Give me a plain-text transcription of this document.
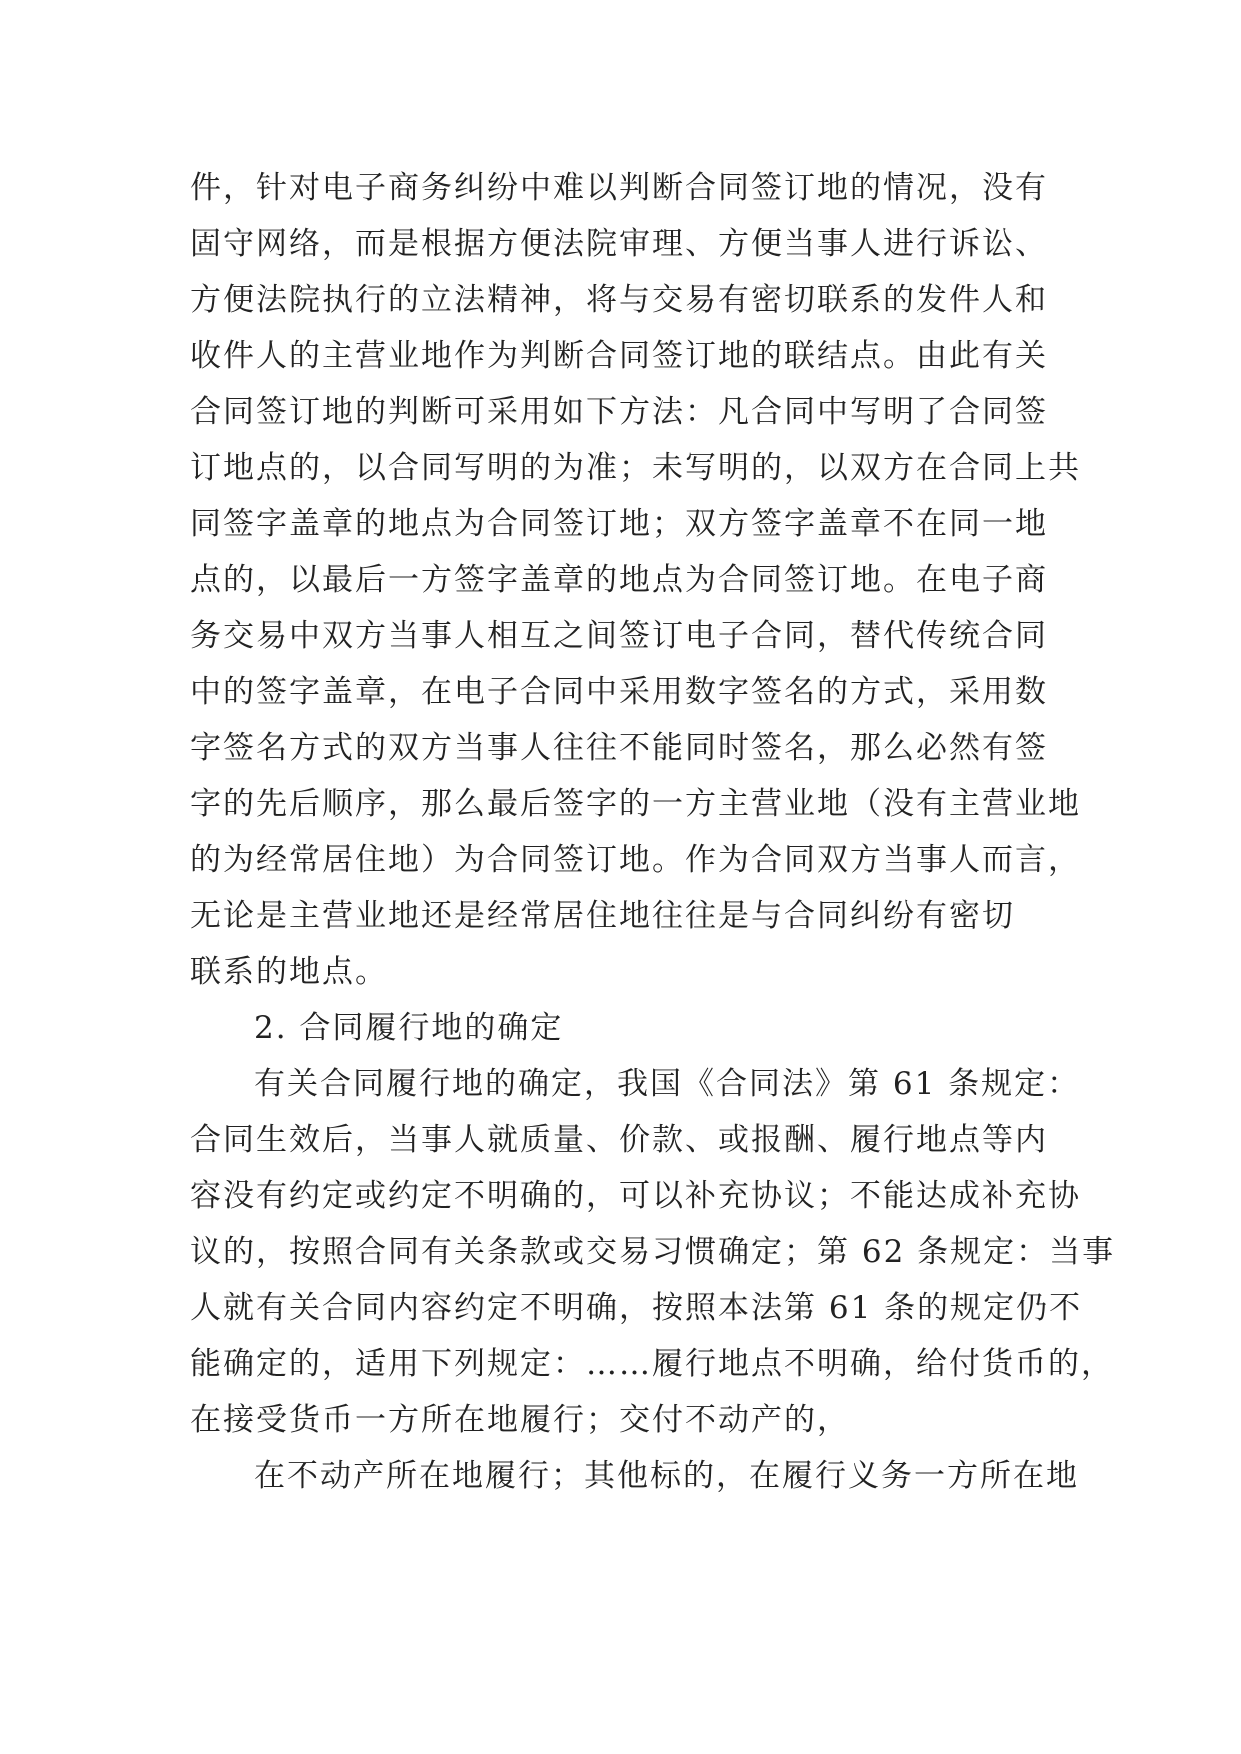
件，针对电子商务纠纷中难以判断合同签订地的情况，没有
固守网络，而是根据方便法院审理、方便当事人进行诉讼、
方便法院执行的立法精神，将与交易有密切联系的发件人和
收件人的主营业地作为判断合同签订地的联结点。由此有关
合同签订地的判断可采用如下方法：凡合同中写明了合同签
订地点的，以合同写明的为准；未写明的，以双方在合同上共
同签字盖章的地点为合同签订地；双方签字盖章不在同一地
点的，以最后一方签字盖章的地点为合同签订地。在电子商
务交易中双方当事人相互之间签订电子合同，替代传统合同
中的签字盖章，在电子合同中采用数字签名的方式，采用数
字签名方式的双方当事人往往不能同时签名，那么必然有签
字的先后顺序，那么最后签字的一方主营业地（没有主营业地
的为经常居住地）为合同签订地。作为合同双方当事人而言，
无论是主营业地还是经常居住地往往是与合同纠纷有密切
联系的地点。
2. 合同履行地的确定
有关合同履行地的确定，我国《合同法》第 61 条规定：
合同生效后，当事人就质量、价款、或报酬、履行地点等内
容没有约定或约定不明确的，可以补充协议；不能达成补充协
议的，按照合同有关条款或交易习惯确定；第 62 条规定：当事
人就有关合同内容约定不明确，按照本法第 61 条的规定仍不
能确定的，适用下列规定：……履行地点不明确，给付货币的，
在接受货币一方所在地履行；交付不动产的，
在不动产所在地履行；其他标的，在履行义务一方所在地
